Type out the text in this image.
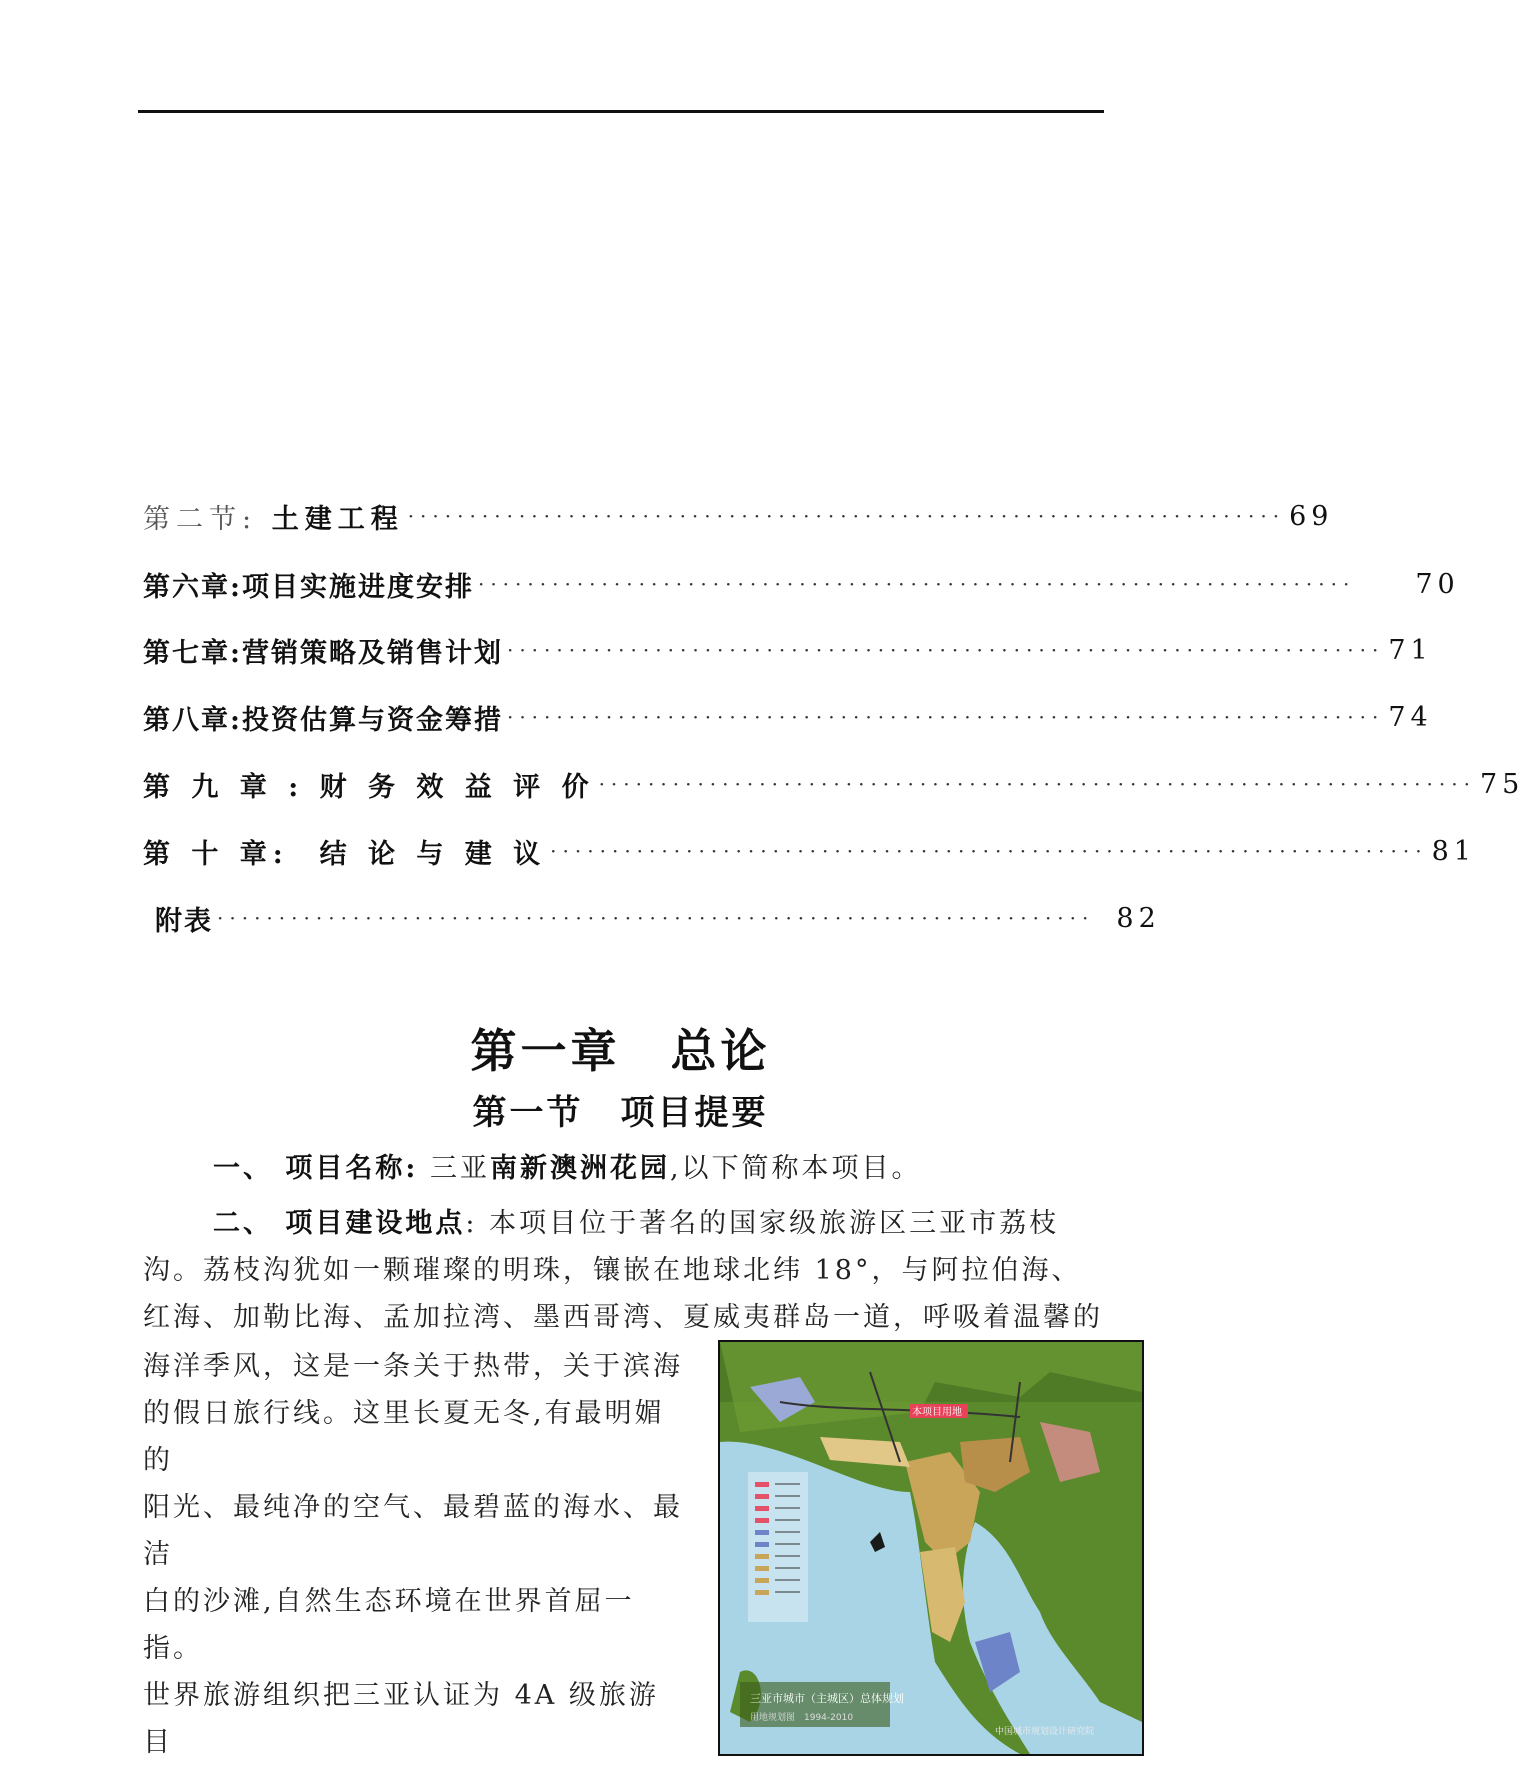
第二节: 土建工程 ······································································· 69
第六章:项目实施进度安排 ······································································· 70
第七章:营销策略及销售计划 ······································································· 71
第八章:投资估算与资金筹措 ······································································· 74
第 九 章 : 财 务 效 益 评 价 ······································································· 75
第 十 章:  结 论 与 建 议 ······································································· 81
附表 ······································································· 82
第一章　总论
第一节　项目提要
一、 项目名称: 三亚南新澳洲花园,以下简称本项目。
二、 项目建设地点: 本项目位于著名的国家级旅游区三亚市荔枝
沟。荔枝沟犹如一颗璀璨的明珠，镶嵌在地球北纬 18°，与阿拉伯海、
红海、加勒比海、孟加拉湾、墨西哥湾、夏威夷群岛一道，呼吸着温馨的
海洋季风，这是一条关于热带，关于滨海
的假日旅行线。这里长夏无冬,有最明媚的
阳光、最纯净的空气、最碧蓝的海水、最洁
白的沙滩,自然生态环境在世界首屈一指。
世界旅游组织把三亚认证为 4A 级旅游目
本项目用地
三亚市城市（主城区）总体规划
用地规划图　1994-2010
中国城市规划设计研究院
